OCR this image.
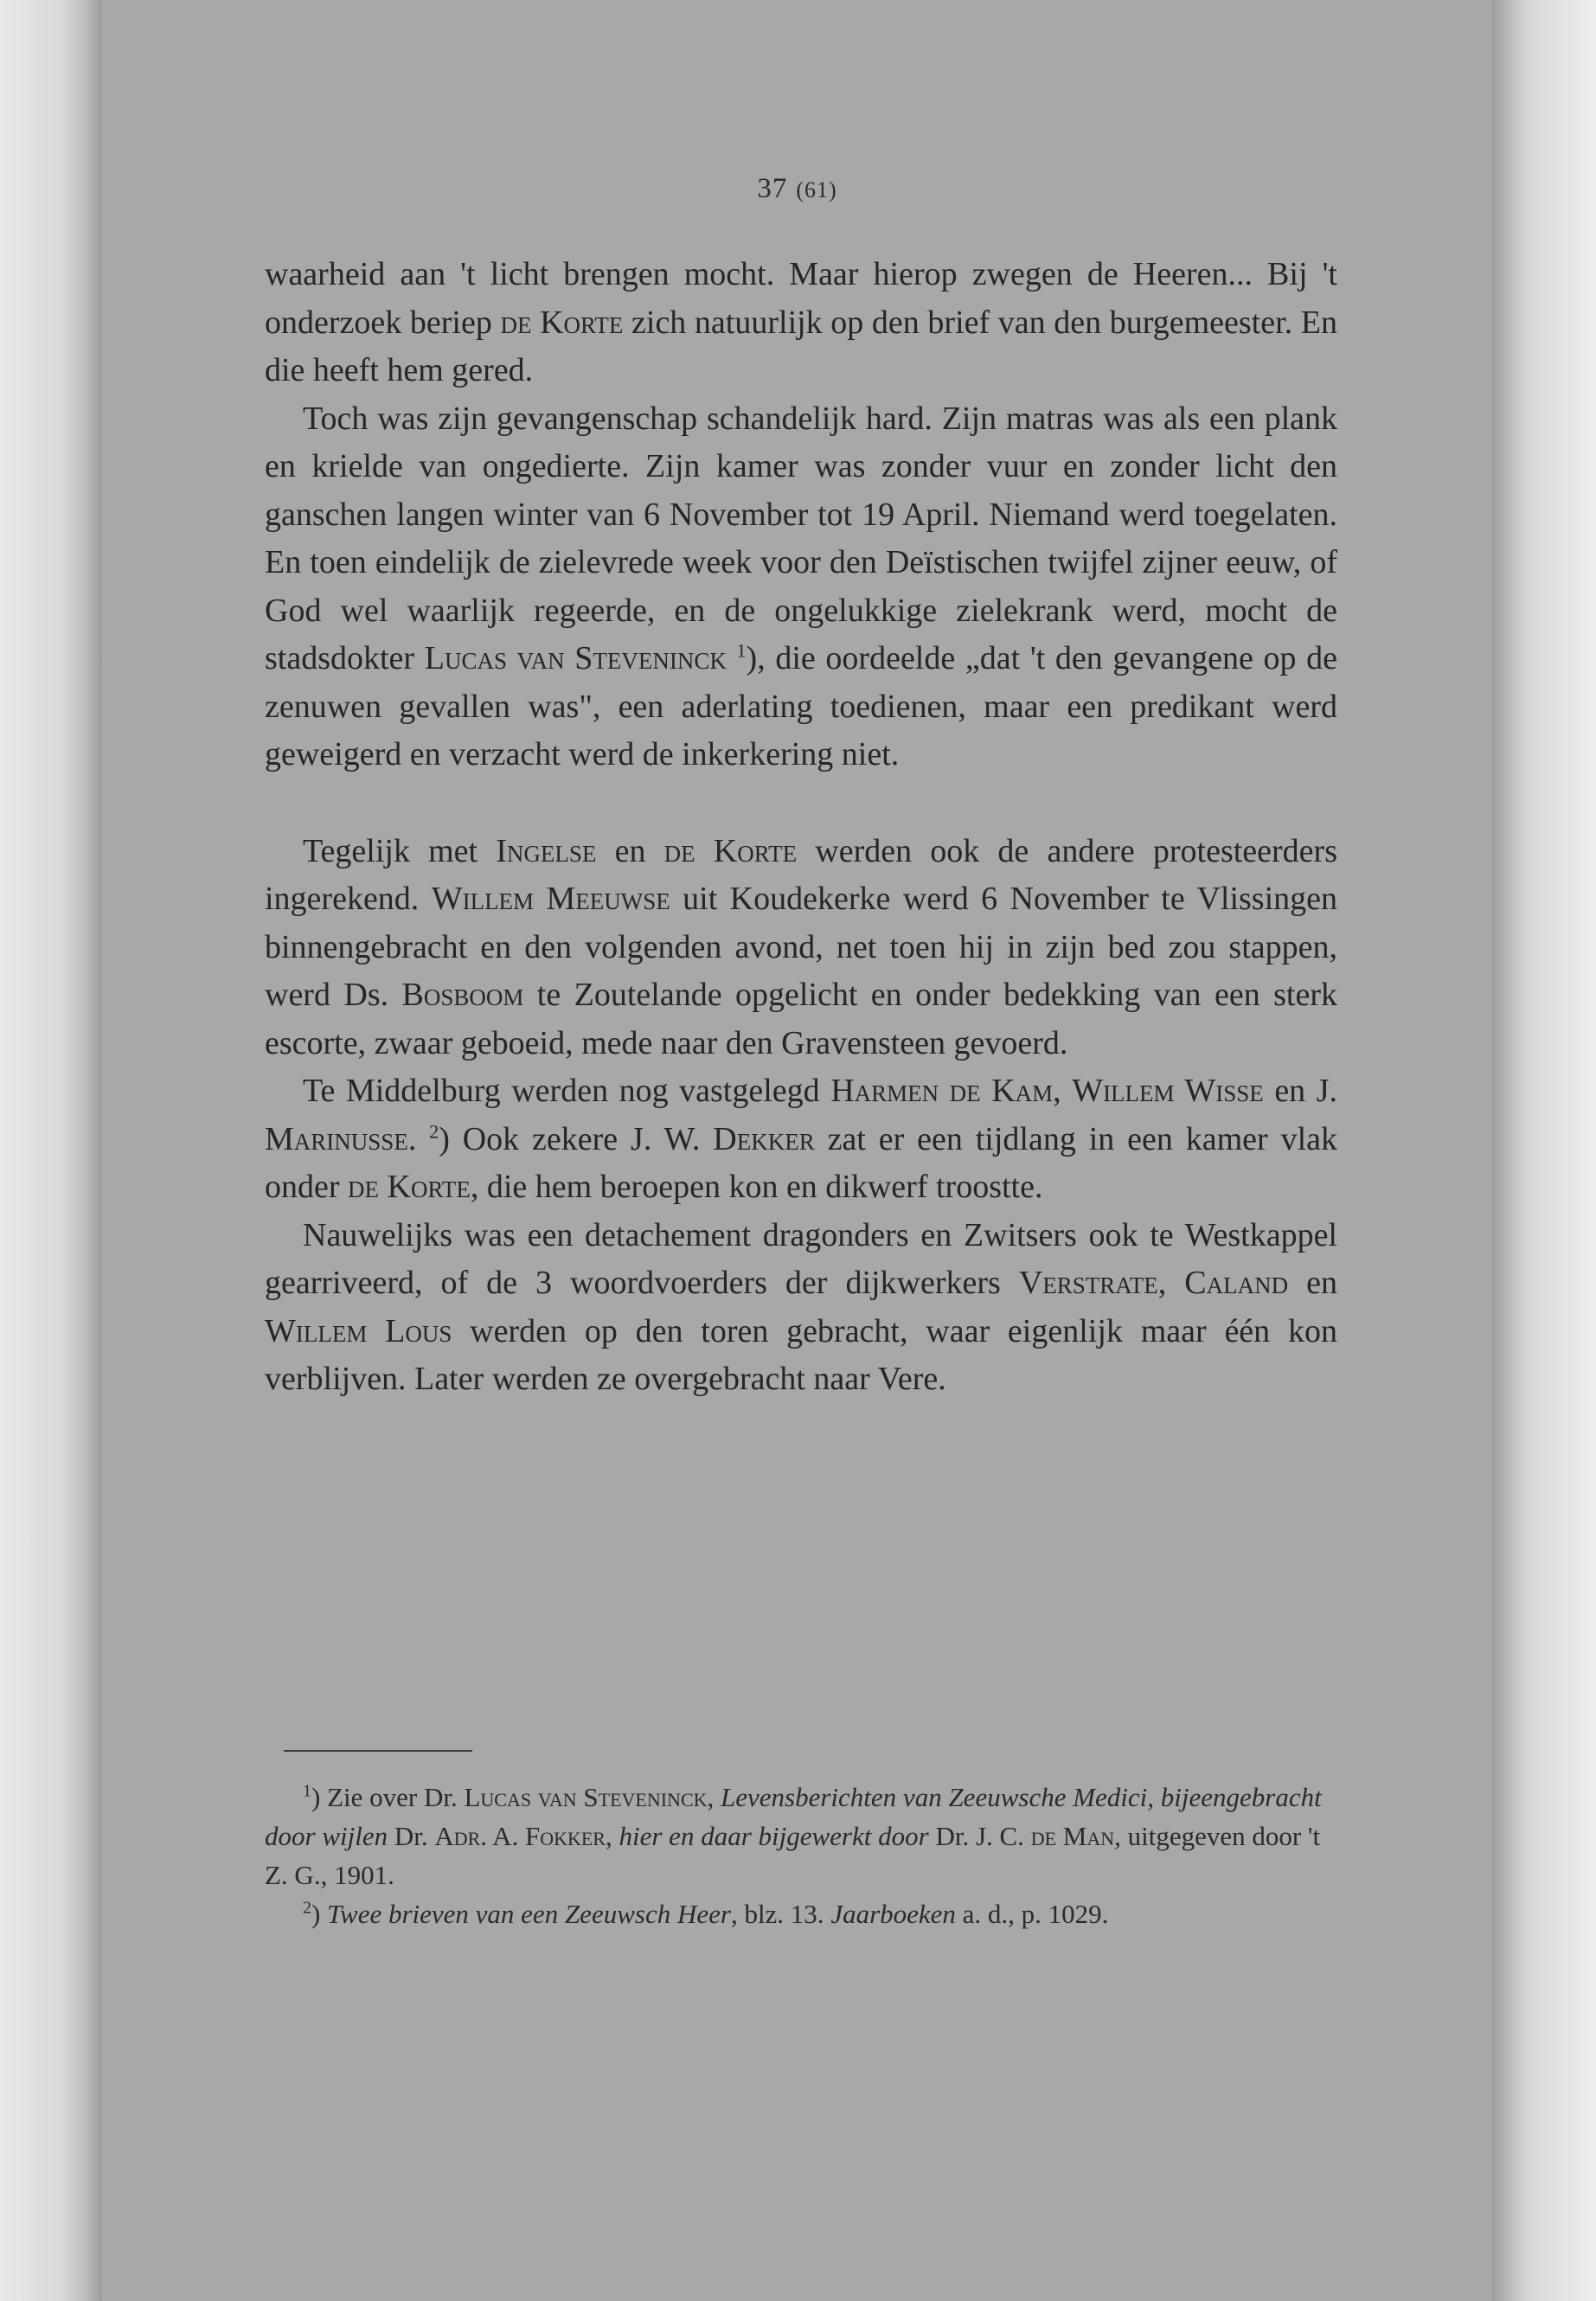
37 (61)

waarheid aan 't licht brengen mocht. Maar hierop zwegen de Heeren... Bij 't onderzoek beriep de Korte zich natuurlijk op den brief van den burgemeester. En die heeft hem gered.

Toch was zijn gevangenschap schandelijk hard. Zijn matras was als een plank en krielde van ongedierte. Zijn kamer was zonder vuur en zonder licht den ganschen langen winter van 6 November tot 19 April. Niemand werd toegelaten. En toen eindelijk de zielevrede week voor den Deïstischen twijfel zijner eeuw, of God wel waarlijk regeerde, en de ongelukkige zielekrank werd, mocht de stadsdokter Lucas van Steveninck $^1$), die oordeelde „dat 't den gevangene op de zenuwen gevallen was", een aderlating toedienen, maar een predikant werd geweigerd en verzacht werd de inkerkering niet.

Tegelijk met Ingelse en de Korte werden ook de andere protesteerders ingerekend. Willem Meeuwse uit Koudekerke werd 6 November te Vlissingen binnengebracht en den volgenden avond, net toen hij in zijn bed zou stappen, werd Ds. Bosboom te Zoutelande opgelicht en onder bedekking van een sterk escorte, zwaar geboeid, mede naar den Gravensteen gevoerd.

Te Middelburg werden nog vastgelegd Harmen de Kam, Willem Wisse en J. Marinusse. $^2$) Ook zekere J. W. Dekker zat er een tijdlang in een kamer vlak onder de Korte, die hem beroepen kon en dikwerf troostte.

Nauwelijks was een detachement dragonders en Zwitsers ook te Westkappel gearriveerd, of de 3 woordvoerders der dijkwerkers Verstrate, Caland en Willem Lous werden op den toren gebracht, waar eigenlijk maar één kon verblijven. Later werden ze overgebracht naar Vere.

$^1$) Zie over Dr. Lucas van Steveninck, Levensberichten van Zeeuwsche Medici, bijeengebracht door wijlen Dr. Adr. A. Fokker, hier en daar bijgewerkt door Dr. J. C. de Man, uitgegeven door 't Z. G., 1901.

$^2$) Twee brieven van een Zeeuwsch Heer, blz. 13. Jaarboeken a. d., p. 1029.
